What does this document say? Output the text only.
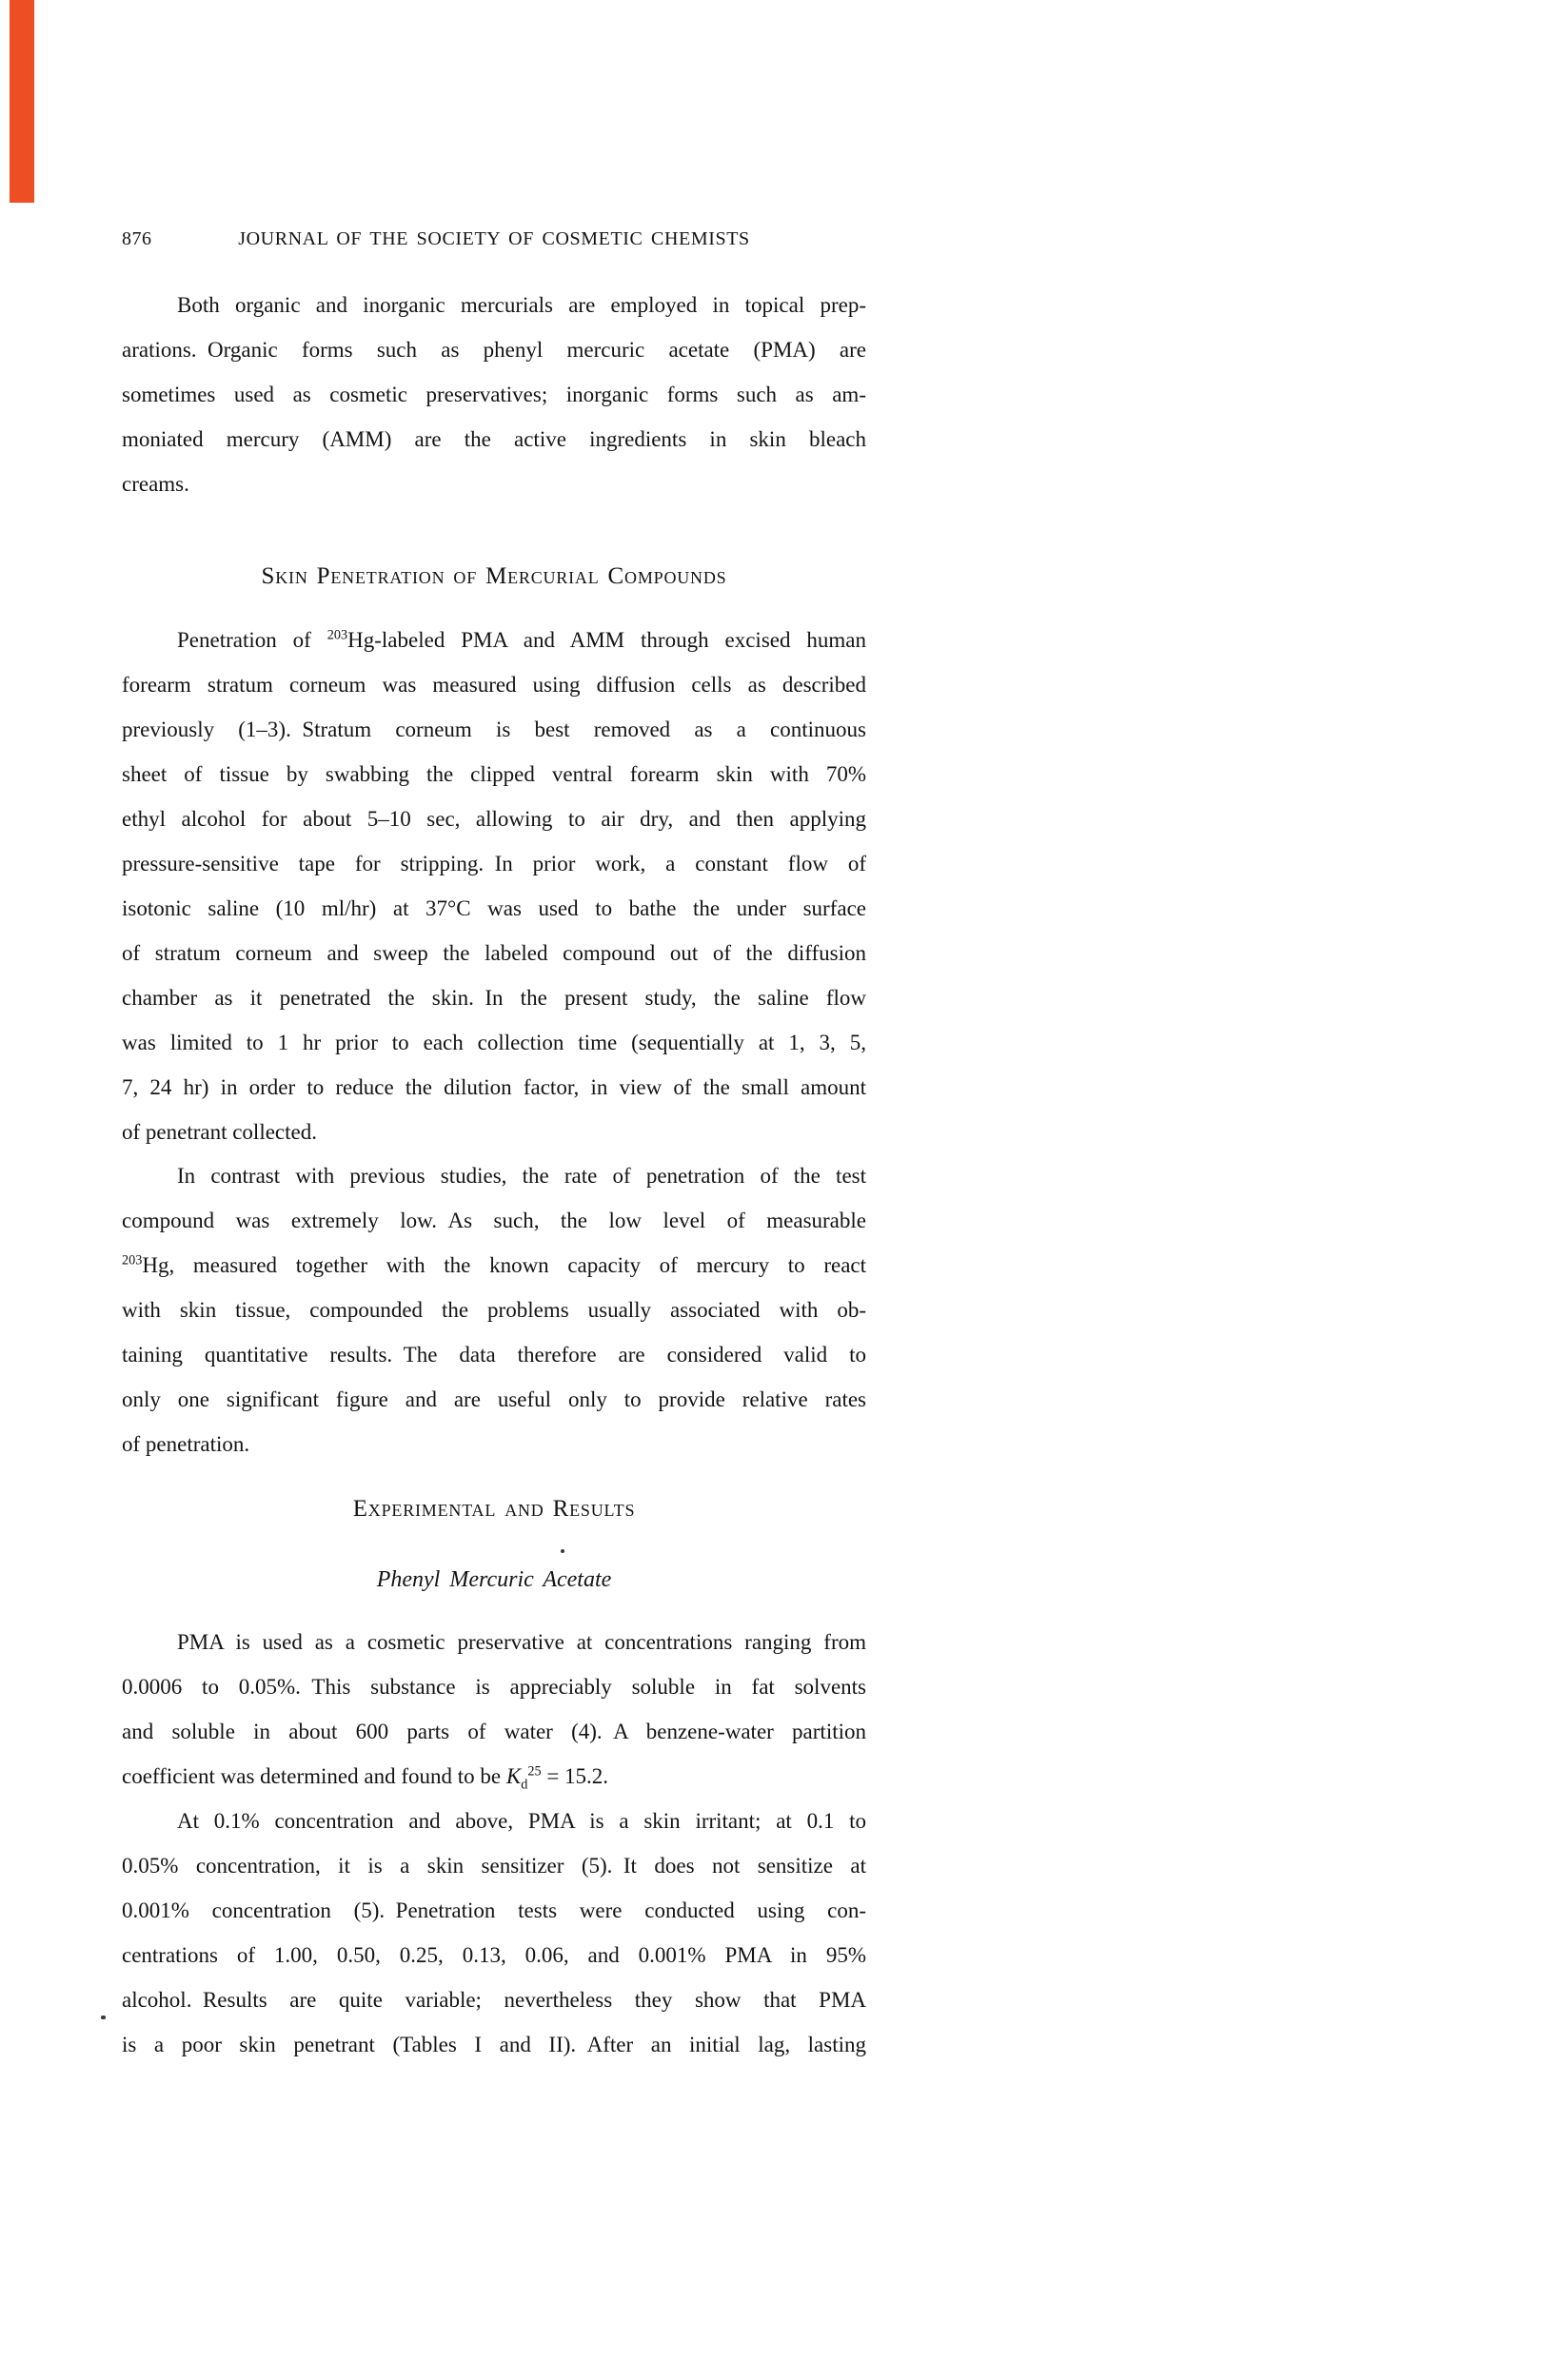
876	JOURNAL OF THE SOCIETY OF COSMETIC CHEMISTS
Both organic and inorganic mercurials are employed in topical prep-
arations. Organic forms such as phenyl mercuric acetate (PMA) are
sometimes used as cosmetic preservatives; inorganic forms such as am-
moniated mercury (AMM) are the active ingredients in skin bleach
creams.
Skin Penetration of Mercurial Compounds
Penetration of $^{203}$Hg-labeled PMA and AMM through excised human
forearm stratum corneum was measured using diffusion cells as described
previously (1–3). Stratum corneum is best removed as a continuous
sheet of tissue by swabbing the clipped ventral forearm skin with 70%
ethyl alcohol for about 5–10 sec, allowing to air dry, and then applying
pressure-sensitive tape for stripping. In prior work, a constant flow of
isotonic saline (10 ml/hr) at 37°C was used to bathe the under surface
of stratum corneum and sweep the labeled compound out of the diffusion
chamber as it penetrated the skin. In the present study, the saline flow
was limited to 1 hr prior to each collection time (sequentially at 1, 3, 5,
7, 24 hr) in order to reduce the dilution factor, in view of the small amount
of penetrant collected.
In contrast with previous studies, the rate of penetration of the test
compound was extremely low. As such, the low level of measurable
$^{203}$Hg, measured together with the known capacity of mercury to react
with skin tissue, compounded the problems usually associated with ob-
taining quantitative results. The data therefore are considered valid to
only one significant figure and are useful only to provide relative rates
of penetration.
Experimental and Results
Phenyl Mercuric Acetate
PMA is used as a cosmetic preservative at concentrations ranging from
0.0006 to 0.05%. This substance is appreciably soluble in fat solvents
and soluble in about 600 parts of water (4). A benzene-water partition
coefficient was determined and found to be $K_d^{25} = 15.2$.
At 0.1% concentration and above, PMA is a skin irritant; at 0.1 to
0.05% concentration, it is a skin sensitizer (5). It does not sensitize at
0.001% concentration (5). Penetration tests were conducted using con-
centrations of 1.00, 0.50, 0.25, 0.13, 0.06, and 0.001% PMA in 95%
alcohol. Results are quite variable; nevertheless they show that PMA
is a poor skin penetrant (Tables I and II). After an initial lag, lasting
